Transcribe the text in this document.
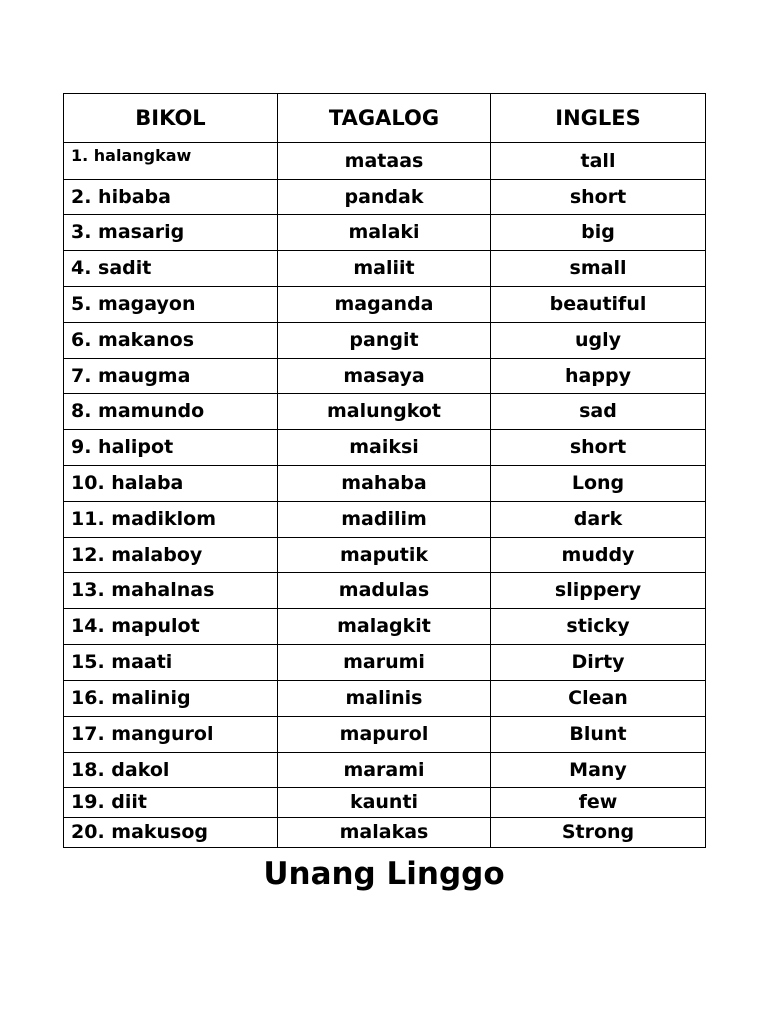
BIKOL	TAGALOG	INGLES
1. halangkaw	mataas	tall
2. hibaba	pandak	short
3. masarig	malaki	big
4. sadit	maliit	small
5. magayon	maganda	beautiful
6. makanos	pangit	ugly
7. maugma	masaya	happy
8. mamundo	malungkot	sad
9. halipot	maiksi	short
10. halaba	mahaba	Long
11. madiklom	madilim	dark
12. malaboy	maputik	muddy
13. mahalnas	madulas	slippery
14. mapulot	malagkit	sticky
15. maati	marumi	Dirty
16. malinig	malinis	Clean
17. mangurol	mapurol	Blunt
18. dakol	marami	Many
19. diit	kaunti	few
20. makusog	malakas	Strong
Unang Linggo
